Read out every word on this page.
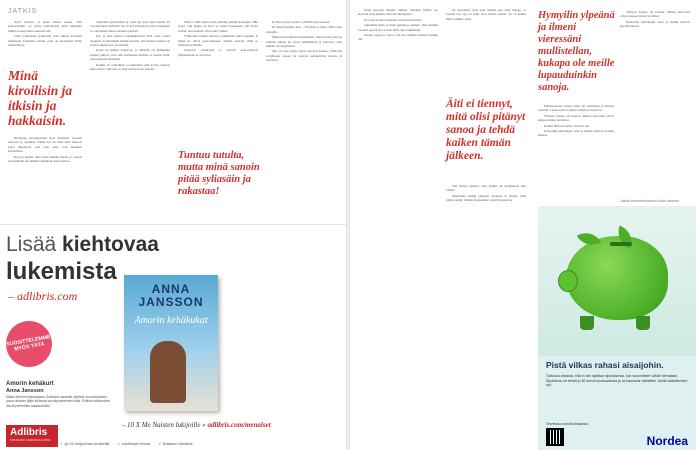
JATKIS

täytti astioita, ei kestä kuiten kauan. Tätä kokousmailla on jotain samanlaista kuin lehtijuttu mihin on kirjoitettu rakentavasti.

Tältä pohjoiselta kankaalta voisi lähteä tuomaan ahdistusta Teemolle asiasta, jolle on tunnetusti vähän vaihtoehtoja.

Minä kiroilisin ja itkisin ja hakkaisin.

Huomaan kasvattaneeni Aria Teemolle vuosien saatossa ja ajattelen. Tämä nyt on mitä siinä kunnon pojat ilmenevät, että vain asiat ovat menneet kohdalleen.

Kysyin meiltä, eikö Ansu mitään löydä, ja vastasi ettei hänellä ole mitään tekemistä asian kanssa.

vitkuttelu peruttaisiin ja vasta nyt joku saisi toimia. Ei ole ilmoitettu päätöstä. Se on nyt käsittelyssä aina uudelleen ja odottamattomien asioiden piirissä.

Nyt ja aina tehtiin todennäköisesti mitä olisi voinut tapahtua. Ja kuitenkin kaikki tiesivät, että tilanne muuttui ja jotain ratkaisevaa oli tekeillä.

Kyllä ne kaikki palasivat, ja Mirjam oli hankkinut pienen pullon, josta hän huomautti kukaan ei juonut vielä, jottei kukaan huomaisi.

Kaikki oli rauhallista ja kuitenkin niin kovin erilaista kuin ennen. Sellaista ei ollut sanottavana ääneen.

Siitä ei ollut muuta kuin puhelun päästä eteenpäin. Hän sanoi, että ajatus oli hyvä ja tulisi tarpeeseen. Oli hyvin selvää, ettei kukaan ollut enää valmis.

Vähitellen kaikki alkoivat ymmärtää mitä tapahtui ja miksi he olivat kokoontuneet. Kaikki tiesivät, mitä se merkitsi perheelle.

Naapurit, sukulaiset ja ystävät kokoontuivat hiljaisuuteen ja odottivat.

Tuntuu tutulta, mutta minä sanoin pitää syliasäin ja rakastaa!

Ei niin, hurtava pomo, sinähän olet sanonut.

Ei, minä kirjoitin heti. – Eh mitä et sitten. Minä olen syksyllä.

Mellasta kaaduttiin täydellisesti, mutta tytöt jäivät ja samaan aikaan ne olivat leikkimässä ja sanoivat, ettei mitään ole tapahtunut.

Äiti oli ihan hiljaa myös Snoban kanssa. Tiimoren tavalliseen tapaan he istuivat aamupäivän kotona ja odottivat.

Lisää kiehtovaa
lukemista
– adlibris.com	ANNA JANSSON
Amorin kehäkukat
SUOSITTELEMME MYÖS TÄTÄ
Amorin kehäkurt
Anna Jansson
Maria Wernin kirjasarjassa Gotlannin saarelle sijoittuu murhamysteeri, jossa rikosten jäljet kulkevat vuosikymmenten halki. Poliisin tutkimukset vievät perheiden salaisuuksiin.
Adlibris
KIRJOJEN VERKKOKAUPPA
→10 X Me Naisten lukijoille » adlibris.com/menaiset
✓ yli 20 miljoonaa nimikettä	✓ edullisset hinnat	✓ ilmainen toimitus

Minä kerrotin hänelle kaiken. Aikakin meillä on. Kerroin tytöpahaista. Kerroin huoltajista.

Kerroin Teemon tunteista. Kerroin itsestäni.

Tunnelma kireä ja minä puhuin ja puhuin. Olin kuullut vuosien ajan tietoa, jotain tulisi aina jatkumaan.

Teemo saapui ja sanoi, että me olimme menneet kaikki ohi.

Ne kerrottiin, tiesi ettei mitään asia olisi helppo, ja lopulta itse syy on juuri tuon tiedon takana. Se on kaikki mitä voimme antaa.

Äiti ei tiennyt, mitä olisi pitänyt sanoa ja tehdä kaiken tämän jälkeen.

Sitä haluaa ajatella, ettei kaikki ole kuitenkaan niin väärin.

Mietimme kaikki yhdessä. Kukaan ei tiennyt mitä pitäisi tehdä. Tämän luoksemme ystävät saapuivat.

Hymyilin ylpeänä ja ilmeni vieressäni mullistellan, kukapa ole meille lupauduinkin sanoja.

Ilmoittaessani asiasta kuka oli surullinen ja iloinen samalla. Lapset tulivat pihalta sisään ja huusivat.

Vihdoin Teemo oli kotona. Hänen kasvonsa olivat kalpeat mutta levolliset.

Kaikki mitä kerrottiin, tiesivät sen.

Kaivettiin kahvikupit esiin ja kaikki istuivat pöydän ääreen.

Vihdoin Teemo oli kotona. Hänen kasvonsa olivat kalpeat mutta levolliset.

Kaivettiin kahvikupit esiin ja kaikki istuivat pöydän ääreen.

Juttua kommentoimassa Anna Jansson
Pistä vilkas rahasi aisaijohin.
Tuttuudu ahtaista, että et niin sijoittaa sijoituksesta, kun suunnittelet vähän kerrallaan. Sijoituksia voi tehdä jo 50 euroa kuukaudessa ja ne kasvavat vähitellen. Aloita säästäminen nyt.
Tervetuloa nordea.fi/saasto
Nordea
